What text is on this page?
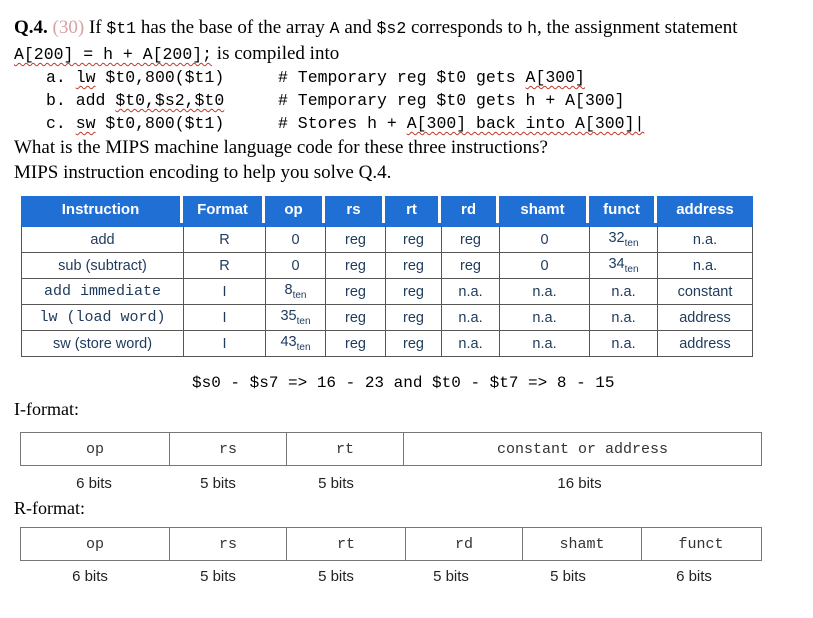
Q.4. (30) If $t1 has the base of the array A and $s2 corresponds to h, the assignment statement
A[200] = h + A[200]; is compiled into
a. lw $t0,800($t1)	# Temporary reg $t0 gets A[300]
b. add $t0,$s2,$t0	# Temporary reg $t0 gets h + A[300]
c. sw $t0,800($t1)	# Stores h + A[300] back into A[300]|
What is the MIPS machine language code for these three instructions?
MIPS instruction encoding to help you solve Q.4.
Instruction	Format	op	rs	rt	rd	shamt	funct	address
add	R	0	reg	reg	reg	0	$32_{ten}$	n.a.
sub (subtract)	R	0	reg	reg	reg	0	$34_{ten}$	n.a.
add immediate	I	$8_{ten}$	reg	reg	n.a.	n.a.	n.a.	constant
lw (load word)	I	$35_{ten}$	reg	reg	n.a.	n.a.	n.a.	address
sw (store word)	I	$43_{ten}$	reg	reg	n.a.	n.a.	n.a.	address
$s0 - $s7 => 16 - 23 and $t0 - $t7 => 8 - 15
I-format:
op	rs	rt	constant or address
6 bits	5 bits	5 bits	16 bits
R-format:
op	rs	rt	rd	shamt	funct
6 bits	5 bits	5 bits	5 bits	5 bits	6 bits
